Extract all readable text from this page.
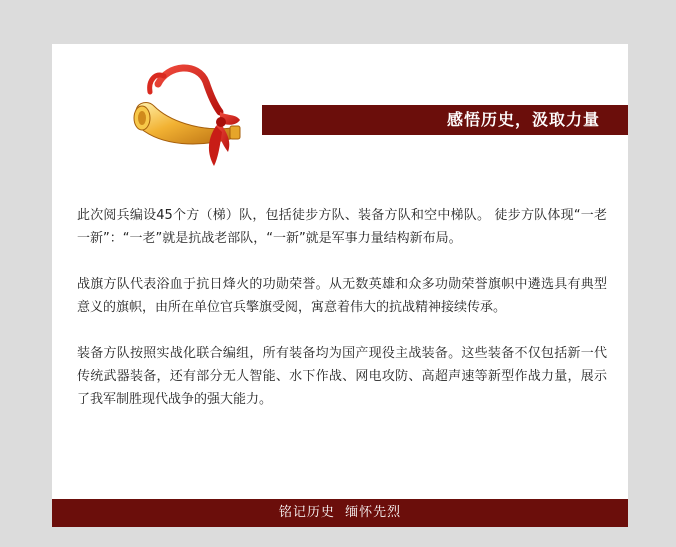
感悟历史，汲取力量

此次阅兵编设45个方（梯）队，包括徒步方队、装备方队和空中梯队。 徒步方队体现“一老一新”：“一老”就是抗战老部队，“一新”就是军事力量结构新布局。

战旗方队代表浴血于抗日烽火的功勋荣誉。从无数英雄和众多功勋荣誉旗帜中遴选具有典型意义的旗帜，由所在单位官兵擎旗受阅，寓意着伟大的抗战精神接续传承。

装备方队按照实战化联合编组，所有装备均为国产现役主战装备。这些装备不仅包括新一代传统武器装备，还有部分无人智能、水下作战、网电攻防、高超声速等新型作战力量，展示了我军制胜现代战争的强大能力。

铭记历史  缅怀先烈
